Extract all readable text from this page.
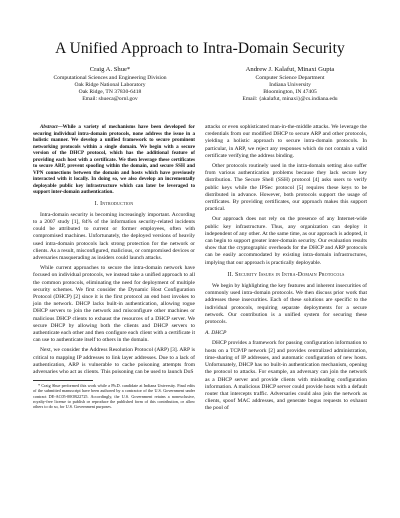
A Unified Approach to Intra-Domain Security
Craig A. Shue*
Computational Sciences and Engineering Division
Oak Ridge National Laboratory
Oak Ridge, TN 37830-6418
Email: shueca@ornl.gov
Andrew J. Kalafut, Minaxi Gupta
Computer Science Department
Indiana University
Bloomington, IN 47405
Email: {akalafut, minaxi}@cs.indiana.edu

Abstract—While a variety of mechanisms have been developed for securing individual intra-domain protocols, none address the issue in a holistic manner. We develop a unified framework to secure prominent networking protocols within a single domain. We begin with a secure version of the DHCP protocol, which has the additional feature of providing each host with a certificate. We then leverage these certificates to secure ARP, prevent spoofing within the domain, and secure SSH and VPN connections between the domain and hosts which have previously interacted with it locally. In doing so, we also develop an incrementally deployable public key infrastructure which can later be leveraged to support inter-domain authentication.

I. Introduction

Intra-domain security is becoming increasingly important. According to a 2007 study [1], 84% of the information security-related incidents could be attributed to current or former employees, often with compromised machines. Unfortunately, the deployed versions of heavily used intra-domain protocols lack strong protection for the network or clients. As a result, misconfigured, malicious, or compromised devices or adversaries masquerading as insiders could launch attacks.

While current approaches to secure the intra-domain network have focused on individual protocols, we instead take a unified approach to all the common protocols, eliminating the need for deployment of multiple security schemes. We first consider the Dynamic Host Configuration Protocol (DHCP) [2] since it is the first protocol an end host invokes to join the network. DHCP lacks built-in authentication, allowing rogue DHCP servers to join the network and misconfigure other machines or malicious DHCP clients to exhaust the resources of a DHCP server. We secure DHCP by allowing both the clients and DHCP servers to authenticate each other and then configure each client with a certificate it can use to authenticate itself to others in the domain.

Next, we consider the Address Resolution Protocol (ARP) [3]. ARP is critical to mapping IP addresses to link layer addresses. Due to a lack of authentication, ARP is vulnerable to cache poisoning attempts from adversaries who act as clients. This poisoning can be used to launch DoS

* Craig Shue performed this work while a Ph.D. candidate at Indiana University. Final edits of the submitted manuscript have been authored by a contractor of the U.S. Government under contract DE-AC05-00OR22725. Accordingly, the U.S. Government retains a nonexclusive, royalty-free license to publish or reproduce the published form of this contribution, or allow others to do so, for U.S. Government purposes.

attacks or even sophisticated man-in-the-middle attacks. We leverage the credentials from our modified DHCP to secure ARP and other protocols, yielding a holistic approach to secure intra-domain protocols. In particular, in ARP, we reject any responses which do not contain a valid certificate verifying the address binding.

Other protocols routinely used in the intra-domain setting also suffer from various authentication problems because they lack secure key distribution. The Secure Shell (SSH) protocol [4] asks users to verify public keys while the IPSec protocol [5] requires these keys to be distributed in advance. However, both protocols support the usage of certificates. By providing certificates, our approach makes this support practical.

Our approach does not rely on the presence of any Internet-wide public key infrastructure. Thus, any organization can deploy it independent of any other. At the same time, as our approach is adopted, it can begin to support greater inter-domain security. Our evaluation results show that the cryptographic overheads for the DHCP and ARP protocols can be easily accommodated by existing intra-domain infrastructures, implying that our approach is practically deployable.

II. Security Issues in Intra-Domain Protocols

We begin by highlighting the key features and inherent insecurities of commonly used intra-domain protocols. We then discuss prior work that addresses these insecurities. Each of these solutions are specific to the individual protocols, requiring separate deployments for a secure network. Our contribution is a unified system for securing these protocols.

A. DHCP

DHCP provides a framework for passing configuration information to hosts on a TCP/IP network [2] and provides centralized administration, time-sharing of IP addresses, and automatic configuration of new hosts. Unfortunately, DHCP has no built-in authentication mechanism, opening the protocol to attacks. For example, an adversary can join the network as a DHCP server and provide clients with misleading configuration information. A malicious DHCP server could provide hosts with a default router that intercepts traffic. Adversaries could also join the network as clients, spoof MAC addresses, and generate bogus requests to exhaust the pool of
